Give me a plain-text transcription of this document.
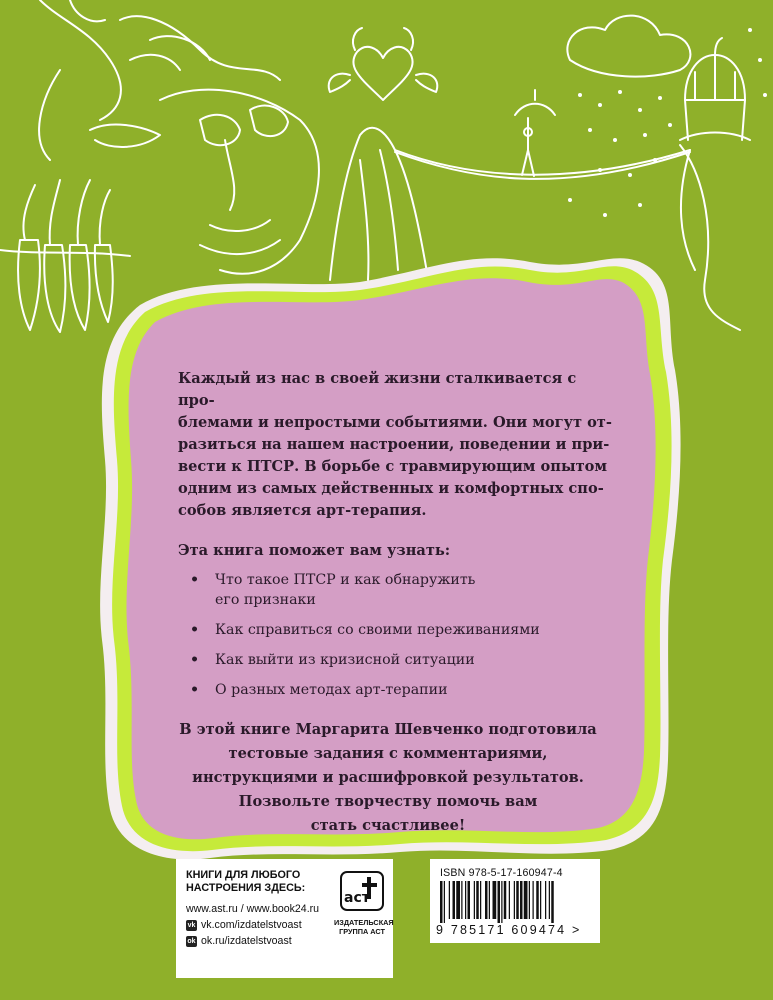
Каждый из нас в своей жизни сталкивается с про-
блемами и непростыми событиями. Они могут от-
разиться на нашем настроении, поведении и при-
вести к ПТСР. В борьбе с травмирующим опытом
одним из самых действенных и комфортных спо-
собов является арт-терапия.

Эта книга поможет вам узнать:

• Что такое ПТСР и как обнаружить
его признаки
• Как справиться со своими переживаниями
• Как выйти из кризисной ситуации
• О разных методах арт-терапии

В этой книге Маргарита Шевченко подготовила
тестовые задания с комментариями,
инструкциями и расшифровкой результатов.
Позвольте творчеству помочь вам
стать счастливее!

КНИГИ ДЛЯ ЛЮБОГО
НАСТРОЕНИЯ ЗДЕСЬ:
www.ast.ru / www.book24.ru
vk vk.com/izdatelstvoast
ok ok.ru/izdatelstvoast
аст
ИЗДАТЕЛЬСКАЯ
ГРУППА АСТ
ISBN 978-5-17-160947-4
9 785171 609474 >
